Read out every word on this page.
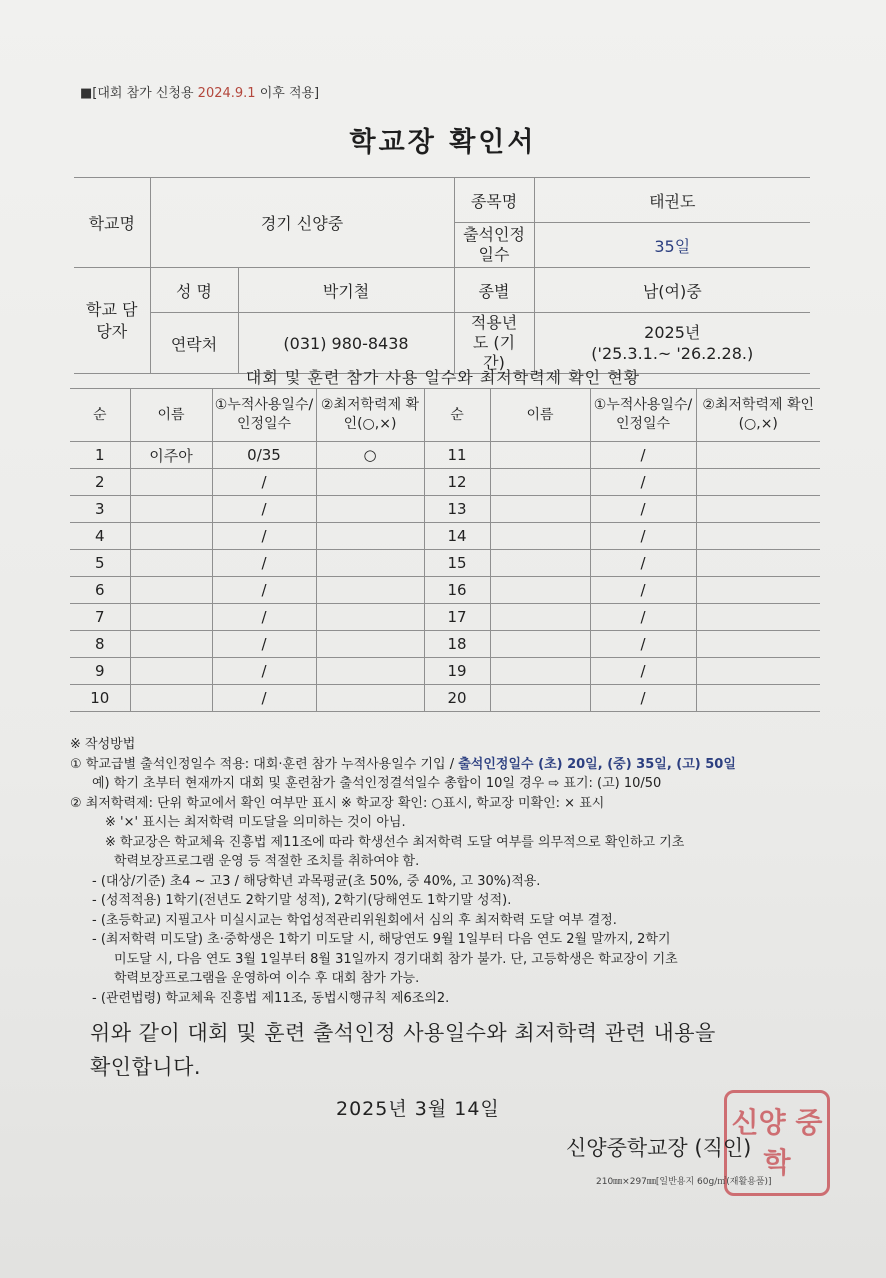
■[대회 참가 신청용 2024.9.1 이후 적용]
학교장 확인서
학교명	경기 신양중		종목명	태권도
			출석인정 일수	35일
학교 담당자	성 명	박기철	종별	남(여)중
	연락처	(031) 980-8438	적용년도 (기간)	2025년
('25.3.1.~ '26.2.28.)
대회 및 훈련 참가 사용 일수와 최저학력제 확인 현황
순	이름	①누적사용일수/인정일수	②최저학력제 확인(○,×)	순	이름	①누적사용일수/인정일수	②최저학력제 확인(○,×)
1	이주아	0/35	○	11		/	
2		/		12		/	
3		/		13		/	
4		/		14		/	
5		/		15		/	
6		/		16		/	
7		/		17		/	
8		/		18		/	
9		/		19		/	
10		/		20		/	
※ 작성방법
① 학교급별 출석인정일수 적용: 대회·훈련 참가 누적사용일수 기입 / 출석인정일수 (초) 20일, (중) 35일, (고) 50일
예) 학기 초부터 현재까지 대회 및 훈련참가 출석인정결석일수 총합이 10일 경우 ⇨ 표기: (고) 10/50
② 최저학력제: 단위 학교에서 확인 여부만 표시 ※ 학교장 확인: ○표시, 학교장 미확인: × 표시
※ '×' 표시는 최저학력 미도달을 의미하는 것이 아님.
※ 학교장은 학교체육 진흥법 제11조에 따라 학생선수 최저학력 도달 여부를 의무적으로 확인하고 기초
학력보장프로그램 운영 등 적절한 조치를 취하여야 함.
- (대상/기준) 초4 ~ 고3 / 해당학년 과목평균(초 50%, 중 40%, 고 30%)적용.
- (성적적용) 1학기(전년도 2학기말 성적), 2학기(당해연도 1학기말 성적).
- (초등학교) 지필고사 미실시교는 학업성적관리위원회에서 심의 후 최저학력 도달 여부 결정.
- (최저학력 미도달) 초·중학생은 1학기 미도달 시, 해당연도 9월 1일부터 다음 연도 2월 말까지, 2학기
미도달 시, 다음 연도 3월 1일부터 8월 31일까지 경기대회 참가 불가. 단, 고등학생은 학교장이 기초
학력보장프로그램을 운영하여 이수 후 대회 참가 가능.
- (관련법령) 학교체육 진흥법 제11조, 동법시행규칙 제6조의2.
위와 같이 대회 및 훈련 출석인정 사용일수와 최저학력 관련 내용을
확인합니다.
2025년 3월 14일	신양 중학
신양중학교장 (직인)
210㎜×297㎜[일반용지 60g/㎡(재활용품)]
